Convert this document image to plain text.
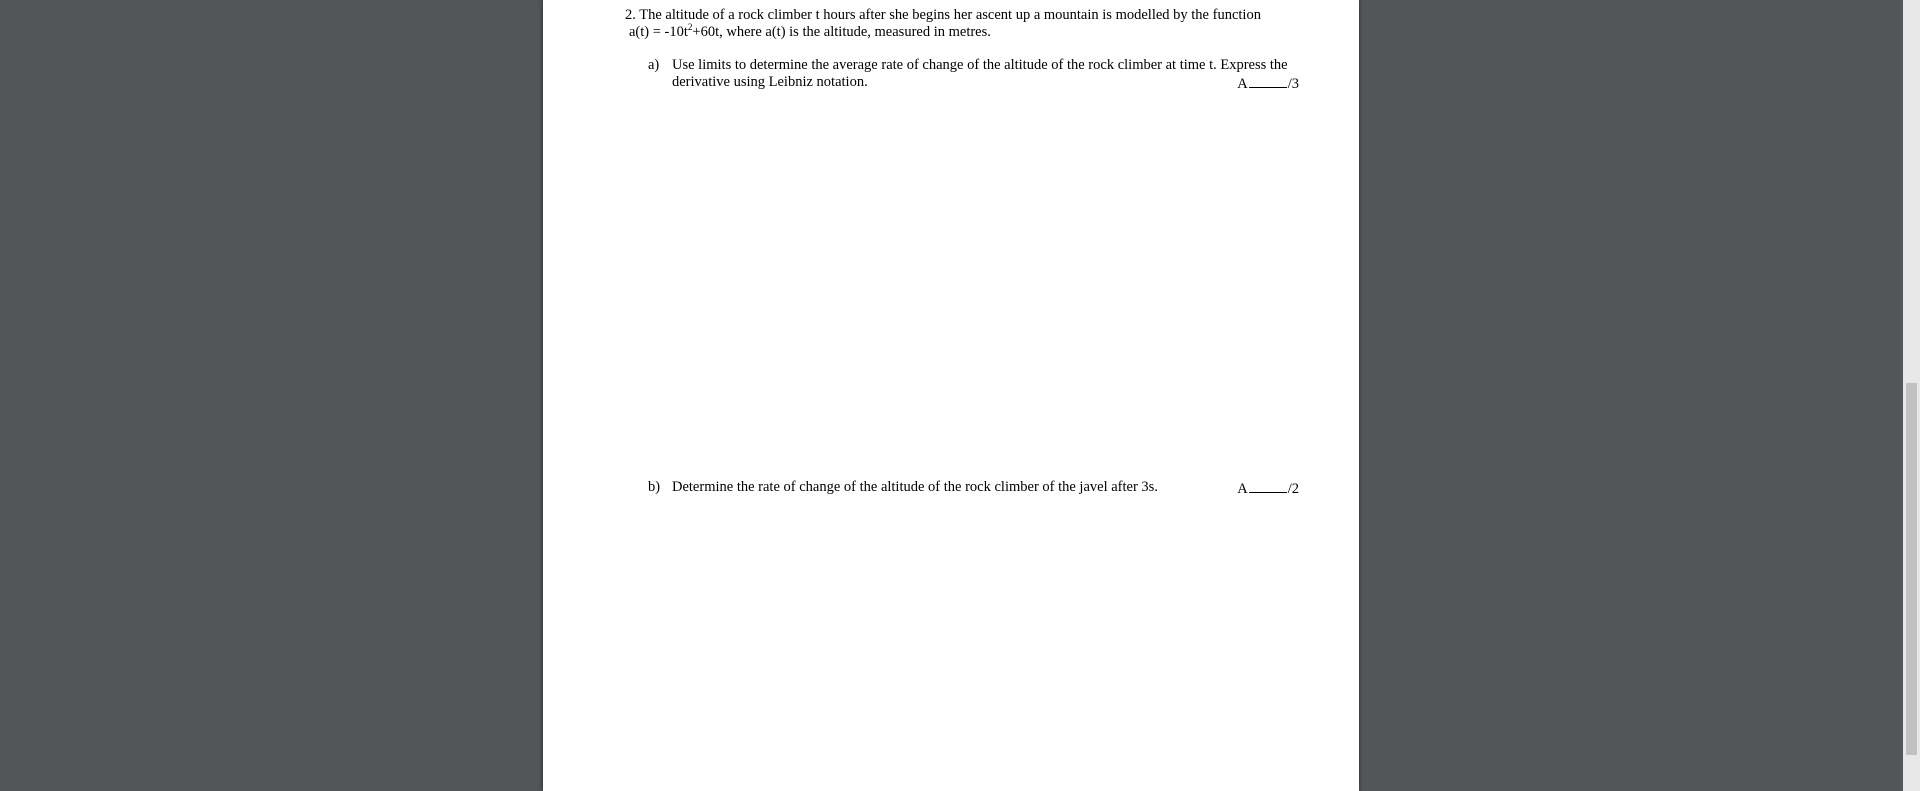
2. The altitude of a rock climber t hours after she begins her ascent up a mountain is modelled by the function
$a(t) = -10t^2+60t$, where a(t) is the altitude, measured in metres.
a) Use limits to determine the average rate of change of the altitude of the rock climber at time t. Express the
derivative using Leibniz notation.	A	/3
b) Determine the rate of change of the altitude of the rock climber of the javel after 3s.	A	/2
